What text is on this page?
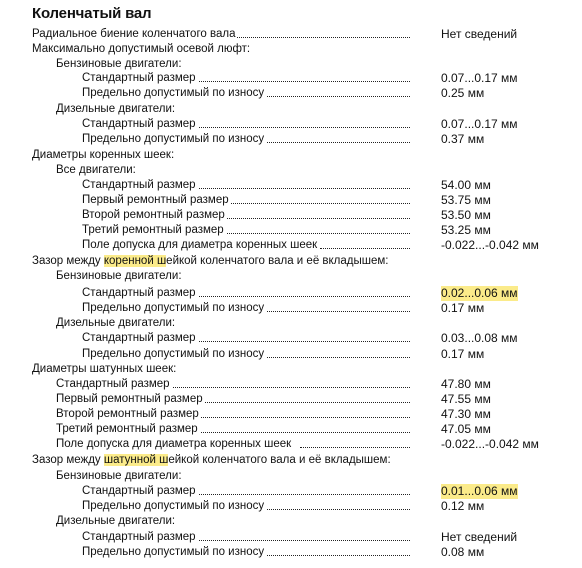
Коленчатый вал
Радиальное биение коленчатого вала	Нет сведений
Максимально допустимый осевой люфт:
Бензиновые двигатели:
Стандартный размер	0.07...0.17 мм
Предельно допустимый по износу	0.25 мм
Дизельные двигатели:
Стандартный размер	0.07...0.17 мм
Предельно допустимый по износу	0.37 мм
Диаметры коренных шеек:
Все двигатели:
Стандартный размер	54.00 мм
Первый ремонтный размер	53.75 мм
Второй ремонтный размер	53.50 мм
Третий ремонтный размер	53.25 мм
Поле допуска для диаметра коренных шеек	-0.022...-0.042 мм
Зазор между коренной шейкой коленчатого вала и её вкладышем:
Бензиновые двигатели:
Стандартный размер	0.02...0.06 мм
Предельно допустимый по износу	0.17 мм
Дизельные двигатели:
Стандартный размер	0.03...0.08 мм
Предельно допустимый по износу	0.17 мм
Диаметры шатунных шеек:
Стандартный размер	47.80 мм
Первый ремонтный размер	47.55 мм
Второй ремонтный размер	47.30 мм
Третий ремонтный размер	47.05 мм
Поле допуска для диаметра коренных шеек	-0.022...-0.042 мм
Зазор между шатунной шейкой коленчатого вала и её вкладышем:
Бензиновые двигатели:
Стандартный размер	0.01...0.06 мм
Предельно допустимый по износу	0.12 мм
Дизельные двигатели:
Стандартный размер	Нет сведений
Предельно допустимый по износу	0.08 мм
